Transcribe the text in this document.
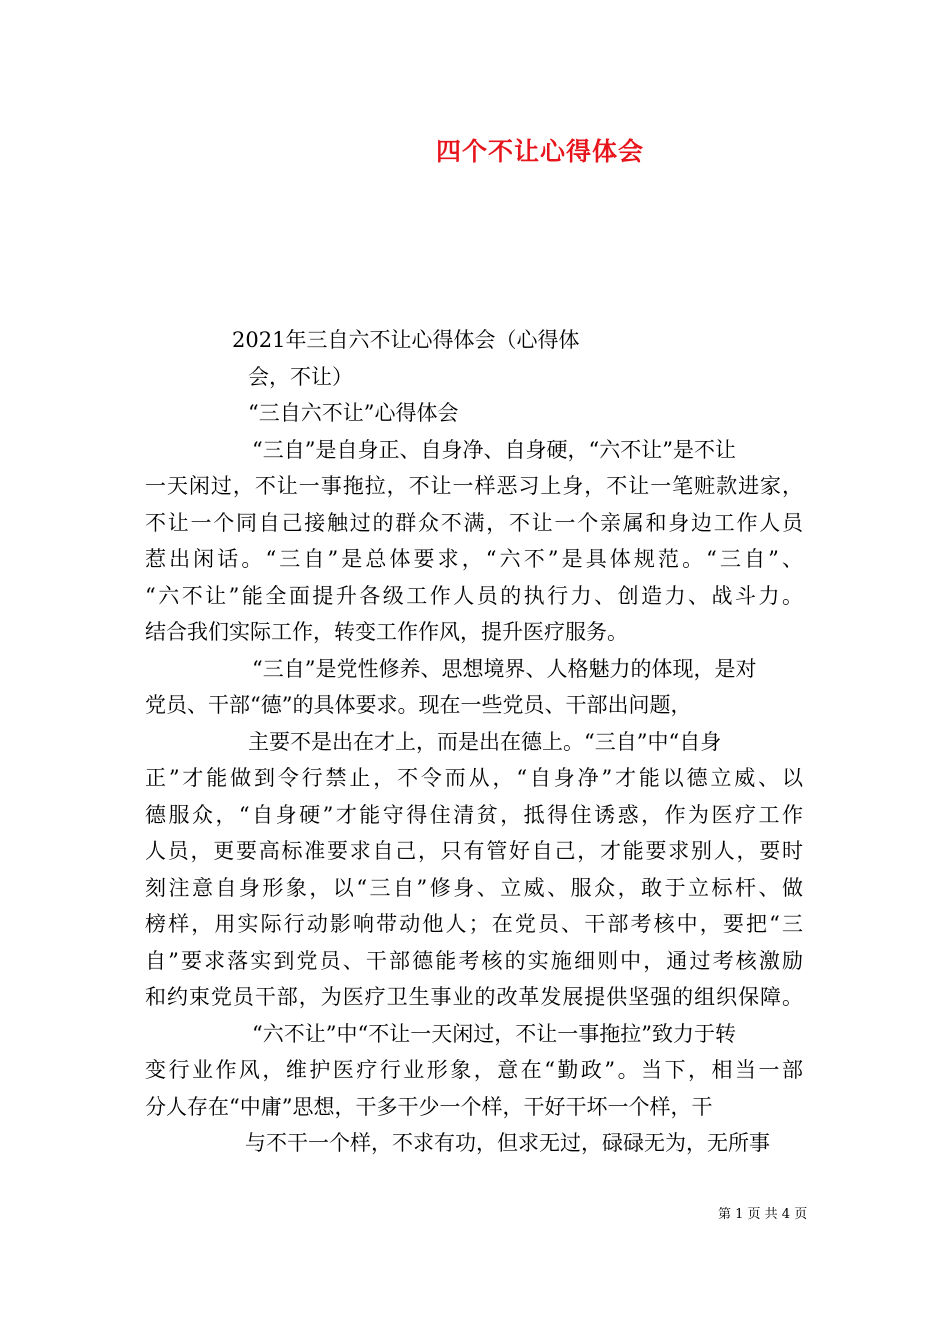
四个不让心得体会
2021年三自六不让心得体会（心得体
会，不让）
“三自六不让”心得体会
“三自”是自身正、自身净、自身硬，“六不让”是不让
一天闲过，不让一事拖拉，不让一样恶习上身，不让一笔赃款进家，
不让一个同自己接触过的群众不满，不让一个亲属和身边工作人员
惹出闲话。“三自”是总体要求，“六不”是具体规范。“三自”、
“六不让”能全面提升各级工作人员的执行力、创造力、战斗力。
结合我们实际工作，转变工作作风，提升医疗服务。
“三自”是党性修养、思想境界、人格魅力的体现，是对
党员、干部“德”的具体要求。现在一些党员、干部出问题，
主要不是出在才上，而是出在德上。“三自”中“自身
正”才能做到令行禁止，不令而从，“自身净”才能以德立威、以
德服众，“自身硬”才能守得住清贫，抵得住诱惑，作为医疗工作
人员，更要高标准要求自己，只有管好自己，才能要求别人，要时
刻注意自身形象，以“三自”修身、立威、服众，敢于立标杆、做
榜样，用实际行动影响带动他人；在党员、干部考核中，要把“三
自”要求落实到党员、干部德能考核的实施细则中，通过考核激励
和约束党员干部，为医疗卫生事业的改革发展提供坚强的组织保障。
“六不让”中“不让一天闲过，不让一事拖拉”致力于转
变行业作风，维护医疗行业形象，意在“勤政”。当下，相当一部
分人存在“中庸”思想，干多干少一个样，干好干坏一个样，干
与不干一个样，不求有功，但求无过，碌碌无为，无所事
第 1 页 共 4 页
